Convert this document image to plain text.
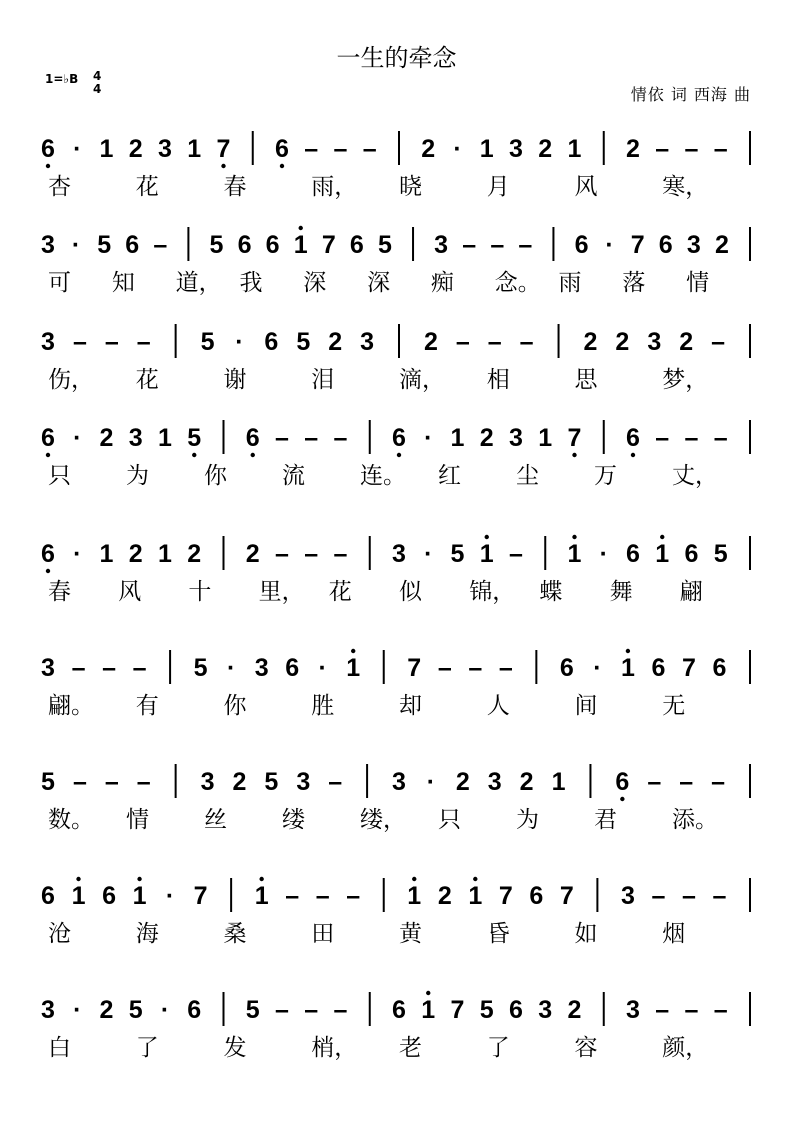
一生的牵念
1=♭B 4
4	情依 词 西海 曲
6 · 1 2 3 1 7 6 – – – 2 · 1 3 2 1 2 – – –
杏	花	春	雨， 晓	月	风	寒，
3 · 5 6 – 5 6 6 1 7 6 5 3 – – – 6 · 7 6 3 2
可 知 道， 我 深 深 痴 念。 雨 落 情
3 – – – 5 · 6 5 2 3 2 – – – 2 2 3 2 –
伤， 花	谢	泪	滴， 相	思	梦，
6 · 2 3 1 5 6 – – – 6 · 1 2 3 1 7 6 – – –
只 为 你 流 连。 红 尘 万 丈，
6 · 1 2 1 2 2 – – – 3 · 5 1 – 1 · 6 1 6 5
春 风 十 里， 花 似 锦， 蝶 舞 翩
3 – – – 5 · 3 6 · 1 7 – – – 6 · 1 6 7 6
翩。 有	你	胜	却	人	间	无
5 – – – 3 2 5 3 – 3 · 2 3 2 1 6 – – –
数。 情 丝 缕 缕， 只 为 君 添。
6 1 6 1 · 7 1 – – – 1 2 1 7 6 7 3 – – –
沧	海	桑	田	黄	昏	如	烟
3 · 2 5 · 6 5 – – – 6 1 7 5 6 3 2 3 – – –
白	了	发	梢， 老	了	容	颜，
